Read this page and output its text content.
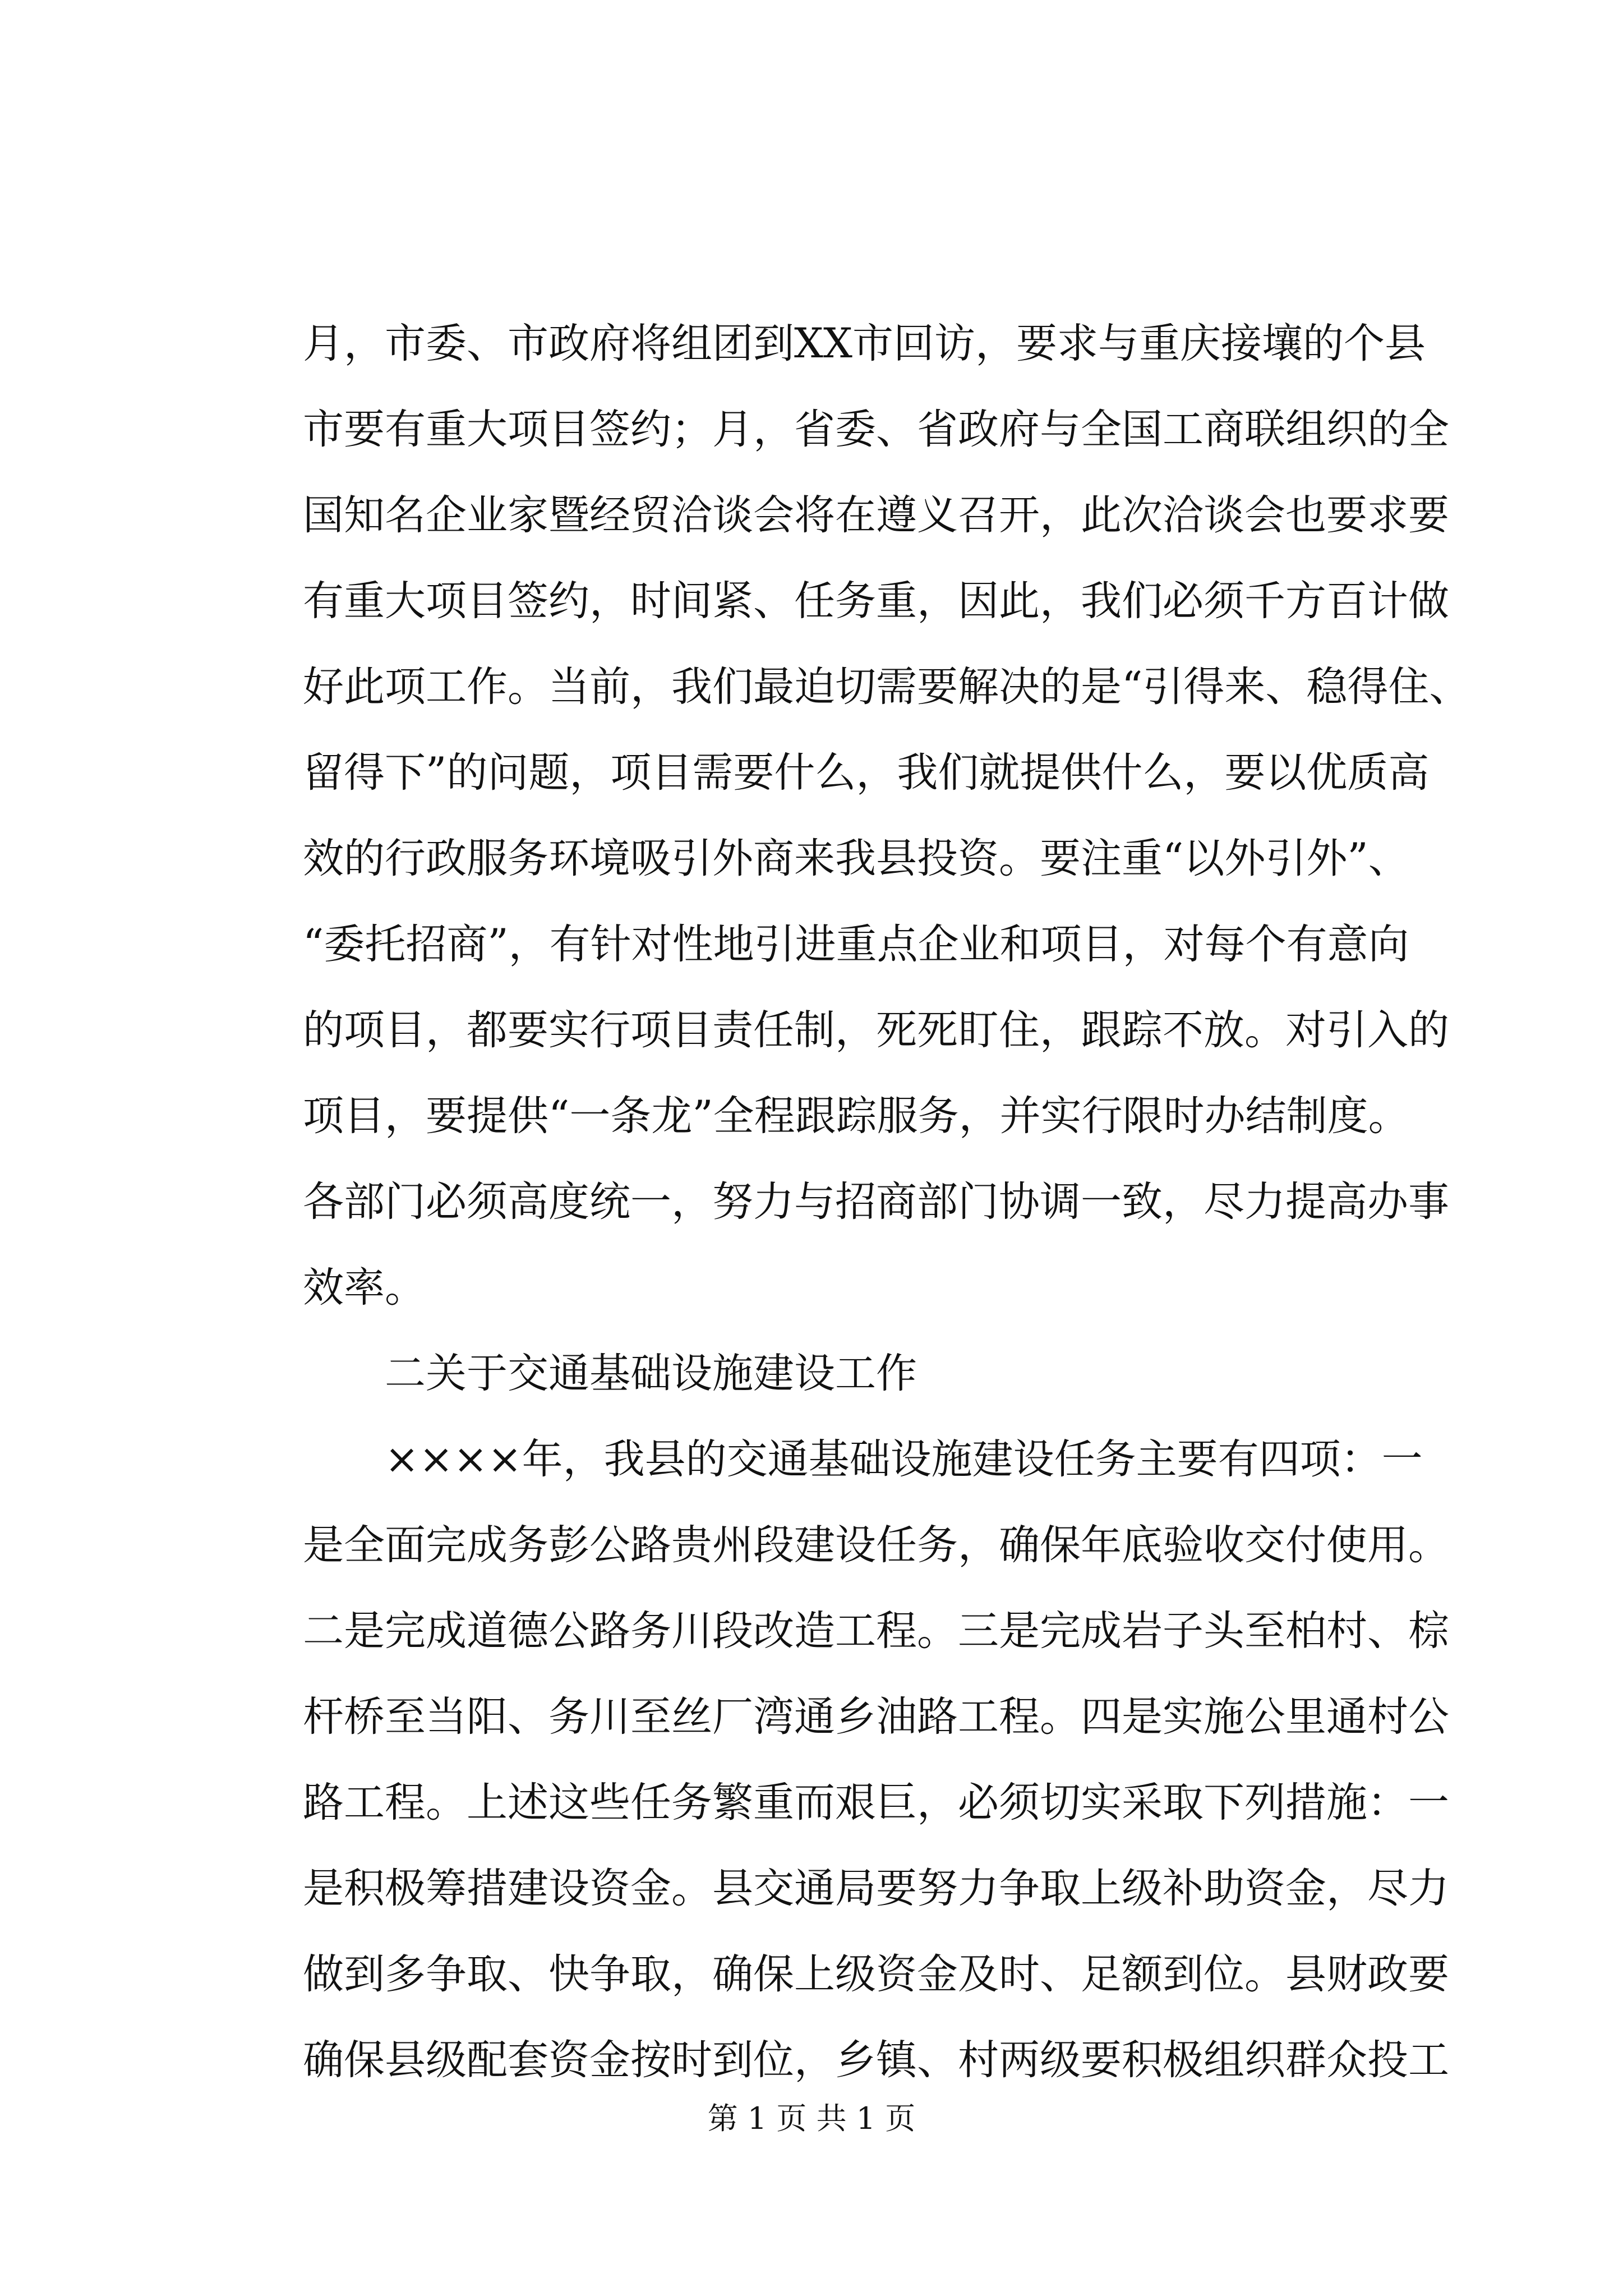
月，市委、市政府将组团到XX市回访，要求与重庆接壤的个县
市要有重大项目签约；月，省委、省政府与全国工商联组织的全
国知名企业家暨经贸洽谈会将在遵义召开，此次洽谈会也要求要
有重大项目签约，时间紧、任务重，因此，我们必须千方百计做
好此项工作。当前，我们最迫切需要解决的是“引得来、稳得住、
留得下”的问题，项目需要什么，我们就提供什么，要以优质高
效的行政服务环境吸引外商来我县投资。要注重“以外引外”、
“委托招商”，有针对性地引进重点企业和项目，对每个有意向
的项目，都要实行项目责任制，死死盯住，跟踪不放。对引入的
项目，要提供“一条龙”全程跟踪服务，并实行限时办结制度。
各部门必须高度统一，努力与招商部门协调一致，尽力提高办事
效率。
二关于交通基础设施建设工作
××××年，我县的交通基础设施建设任务主要有四项：一
是全面完成务彭公路贵州段建设任务，确保年底验收交付使用。
二是完成道德公路务川段改造工程。三是完成岩子头至柏村、棕
杆桥至当阳、务川至丝厂湾通乡油路工程。四是实施公里通村公
路工程。上述这些任务繁重而艰巨，必须切实采取下列措施：一
是积极筹措建设资金。县交通局要努力争取上级补助资金，尽力
做到多争取、快争取，确保上级资金及时、足额到位。县财政要
确保县级配套资金按时到位，乡镇、村两级要积极组织群众投工
第 1 页 共 1 页
